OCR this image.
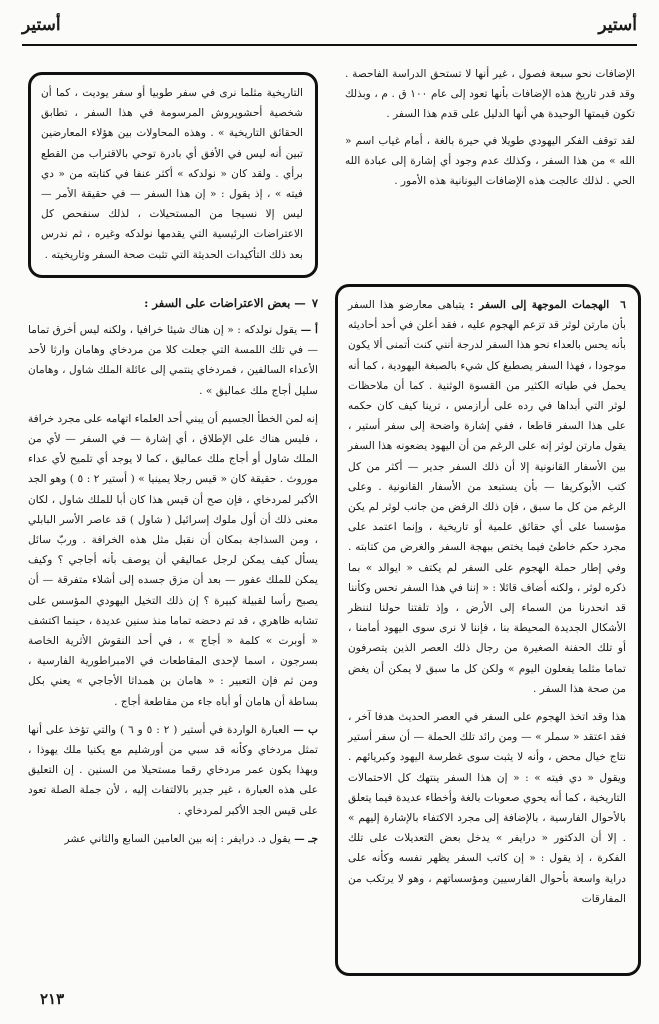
أستير
أستير
الإضافات نحو سبعة فصول ، غير أنها لا تستحق الدراسة الفاحصة . وقد قدر تاريخ هذه الإضافات بأنها تعود إلى عام ١٠٠ ق . م ، وبذلك تكون قيمتها الوحيدة هي أنها الدليل على قدم هذا السفر .
لقد توقف الفكر اليهودي طويلا في حيرة بالغة ، أمام غياب اسم « الله » من هذا السفر ، وكذلك عدم وجود أي إشارة إلى عبادة الله الحي . لذلك عالجت هذه الإضافات اليونانية هذه الأمور .
٦ الهجمات الموجهة إلى السفر : يتباهى معارضو هذا السفر بأن مارتن لوثر قد تزعم الهجوم عليه ، فقد أعلن في أحد أحاديثه بأنه يحس بالعداء نحو هذا السفر لدرجة أنني كنت أتمنى ألا يكون موجودا ، فهذا السفر يصطبغ كل شيء بالصبغة اليهودية ، كما أنه يحمل في طياته الكثير من القسوة الوثنية . كما أن ملاحظات لوثر التي أبداها في رده على أرازمس ، ترينا كيف كان حكمه على هذا السفر قاطعا ، ففي إشارة واضحة إلى سفر أستير ، يقول مارتن لوثر إنه على الرغم من أن اليهود يضعونه هذا السفر بين الأسفار القانونية إلا أن ذلك السفر جدير — أكثر من كل كتب الأبوكريفا — بأن يستبعد من الأسفار القانونية . وعلى الرغم من كل ما سبق ، فإن ذلك الرفض من جانب لوثر لم يكن مؤسسا على أي حقائق علمية أو تاريخية ، وإنما اعتمد على مجرد حكم خاطئ فيما يختص ببهجة السفر والغرض من كتابته . وفي إطار حملة الهجوم على السفر لم يكتف « ايوالد » بما ذكره لوثر ، ولكنه أضاف قائلا : « إننا في هذا السفر نحس وكأننا قد انحدرنا من السماء إلى الأرض ، وإذ تلفتنا حولنا لننظر الأشكال الجديدة المحيطة بنا ، فإننا لا نرى سوى اليهود أمامنا ، أو تلك الحفنة الصغيرة من رجال ذلك العصر الذين يتصرفون تماما مثلما يفعلون اليوم » ولكن كل ما سبق لا يمكن أن يغض من صحة هذا السفر .
هذا وقد اتخذ الهجوم على السفر في العصر الحديث هدفا آخر ، فقد اعتقد « سملر » — ومن رائد تلك الحملة — أن سفر أستير نتاج خيال محض ، وأنه لا يثبت سوى غطرسة اليهود وكبريائهم . ويقول « دي فيته » : « إن هذا السفر ينتهك كل الاحتمالات التاريخية ، كما أنه يحوي صعوبات بالغة وأخطاء عديدة فيما يتعلق بالأحوال الفارسية ، بالإضافة إلى مجرد الاكتفاء بالإشارة إليهم » . إلا أن الدكتور « درايفر » يدخل بعض التعديلات على تلك الفكرة ، إذ يقول : « إن كاتب السفر يظهر نفسه وكأنه على دراية واسعة بأحوال الفارسيين ومؤسساتهم ، وهو لا يرتكب من المفارقات
التاريخية مثلما نرى في سفر طوبيا أو سفر يوديت ، كما أن شخصية أحشويروش المرسومة في هذا السفر ، تطابق الحقائق التاريخية » . وهذه المحاولات بين هؤلاء المعارضين تبين أنه ليس في الأفق أي بادرة توحي بالاقتراب من القطع برأي . ولقد كان « نولدكه » أكثر عنفا في كتابته من « دي فيته » ، إذ يقول : « إن هذا السفر — في حقيقة الأمر — ليس إلا نسيجا من المستحيلات ، لذلك سنفحص كل الاعتراضات الرئيسية التي يقدمها نولدكه وغيره ، ثم ندرس بعد ذلك التأكيدات الحديثة التي تثبت صحة السفر وتاريخيته .
٧— بعض الاعتراضات على السفر :
أ — يقول نولدكه : « إن هناك شيئا خرافيا ، ولكنه ليس أخرق تماما — في تلك اللمسة التي جعلت كلا من مردخاي وهامان وارثا لأحد الأعداء السالفين ، فمردخاي ينتمي إلى عائلة الملك شاول ، وهامان سليل أجاج ملك عماليق » .
إنه لمن الخطأ الجسيم أن يبني أحد العلماء اتهامه على مجرد خرافة ، فليس هناك على الإطلاق ، أي إشارة — في السفر — لأي من الملك شاول أو أجاج ملك عماليق ، كما لا يوجد أي تلميح لأي عداء موروث . حقيقة كان « قيس رجلا يمينيا » ( أستير ٢ : ٥ ) وهو الجد الأكبر لمردخاي ، فإن صح أن قيس هذا كان أبا للملك شاول ، لكان معنى ذلك أن أول ملوك إسرائيل ( شاول ) قد عاصر الأسر البابلي ، ومن السذاجة بمكان أن نقبل مثل هذه الخرافة . وربّ سائل يسأل كيف يمكن لرجل عماليقي أن يوصف بأنه أجاجي ؟ وكيف يمكن للملك عفور — بعد أن مزق جسده إلى أشلاء متفرقة — أن يصبح رأسا لقبيلة كبيرة ؟ إن ذلك التخيل اليهودي المؤسس على تشابه ظاهري ، قد تم دحضه تماما منذ سنين عديدة ، حينما اكتشف « أوبرت » كلمة « أجاج » ، في أحد النقوش الأثرية الخاصة بسرجون ، اسما لإحدى المقاطعات في الامبراطورية الفارسية ، ومن ثم فإن التعبير : « هامان بن همداثا الأجاجي » يعني بكل بساطة أن هامان أو أباه جاء من مقاطعة أجاج .
ب — العبارة الواردة في أستير ( ٢ : ٥ و ٦ ) والتي تؤخذ على أنها تمثل مردخاي وكأنه قد سبي من أورشليم مع يكنيا ملك يهوذا ، وبهذا يكون عمر مردخاي رقما مستحيلا من السنين . إن التعليق على هذه العبارة ، غير جدير بالالتفات إليه ، لأن جملة الصلة تعود على قيس الجد الأكبر لمردخاي .
جـ — يقول د. درايفر : إنه بين العامين السابع والثاني عشر
٢١٣
